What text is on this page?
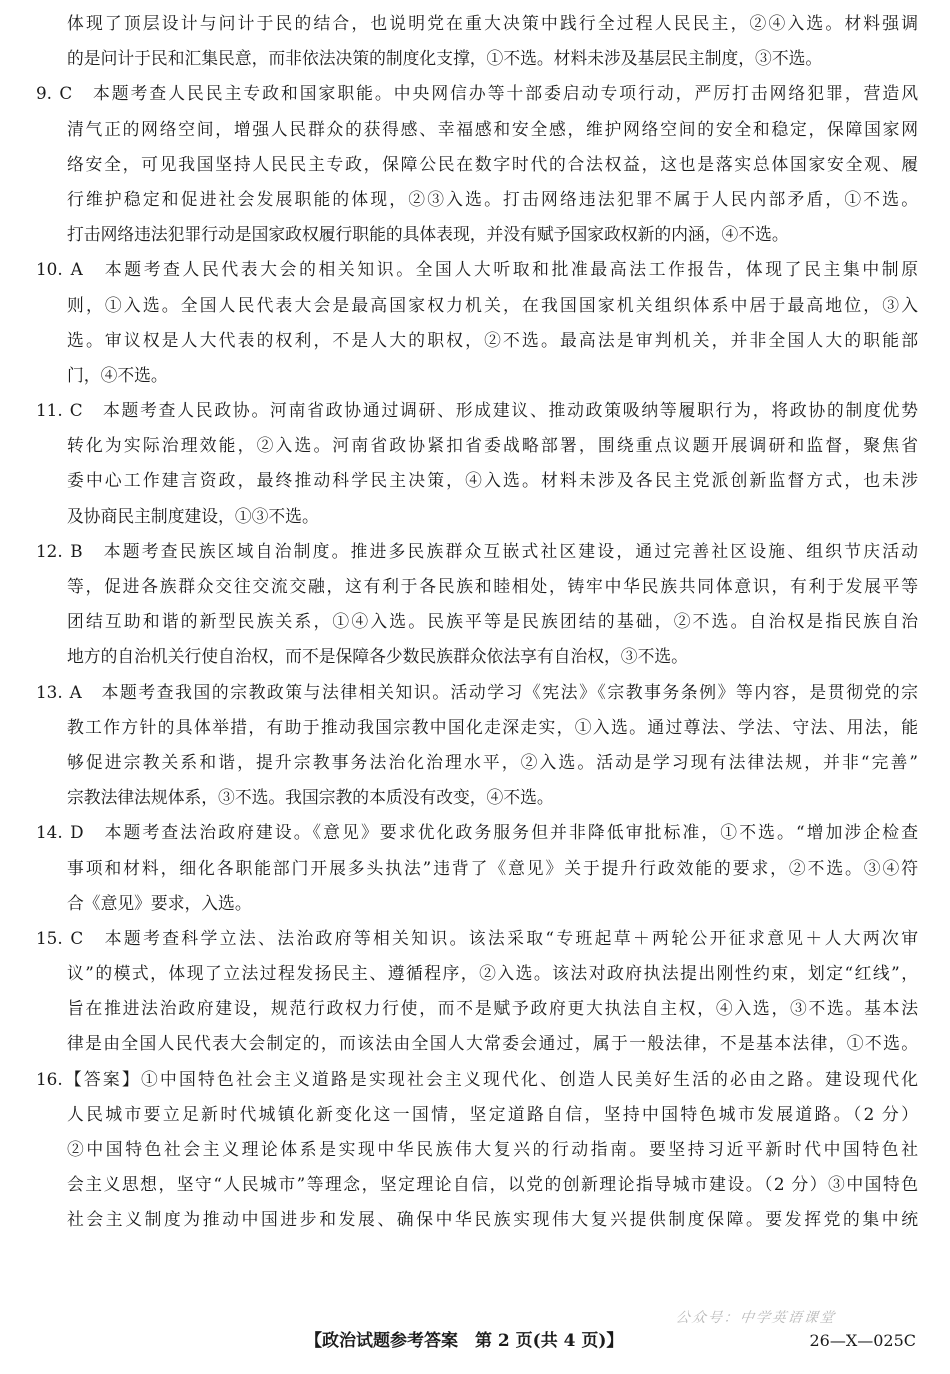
体现了顶层设计与问计于民的结合，也说明党在重大决策中践行全过程人民民主，②④入选。材料强调
的是问计于民和汇集民意，而非依法决策的制度化支撑，①不选。材料未涉及基层民主制度，③不选。
9. C　本题考查人民民主专政和国家职能。中央网信办等十部委启动专项行动，严厉打击网络犯罪，营造风
清气正的网络空间，增强人民群众的获得感、幸福感和安全感，维护网络空间的安全和稳定，保障国家网
络安全，可见我国坚持人民民主专政，保障公民在数字时代的合法权益，这也是落实总体国家安全观、履
行维护稳定和促进社会发展职能的体现，②③入选。打击网络违法犯罪不属于人民内部矛盾，①不选。
打击网络违法犯罪行动是国家政权履行职能的具体表现，并没有赋予国家政权新的内涵，④不选。
10. A　本题考查人民代表大会的相关知识。全国人大听取和批准最高法工作报告，体现了民主集中制原
则，①入选。全国人民代表大会是最高国家权力机关，在我国国家机关组织体系中居于最高地位，③入
选。审议权是人大代表的权利，不是人大的职权，②不选。最高法是审判机关，并非全国人大的职能部
门，④不选。
11. C　本题考查人民政协。河南省政协通过调研、形成建议、推动政策吸纳等履职行为，将政协的制度优势
转化为实际治理效能，②入选。河南省政协紧扣省委战略部署，围绕重点议题开展调研和监督，聚焦省
委中心工作建言资政，最终推动科学民主决策，④入选。材料未涉及各民主党派创新监督方式，也未涉
及协商民主制度建设，①③不选。
12. B　本题考查民族区域自治制度。推进多民族群众互嵌式社区建设，通过完善社区设施、组织节庆活动
等，促进各族群众交往交流交融，这有利于各民族和睦相处，铸牢中华民族共同体意识，有利于发展平等
团结互助和谐的新型民族关系，①④入选。民族平等是民族团结的基础，②不选。自治权是指民族自治
地方的自治机关行使自治权，而不是保障各少数民族群众依法享有自治权，③不选。
13. A　本题考查我国的宗教政策与法律相关知识。活动学习《宪法》《宗教事务条例》等内容，是贯彻党的宗
教工作方针的具体举措，有助于推动我国宗教中国化走深走实，①入选。通过尊法、学法、守法、用法，能
够促进宗教关系和谐，提升宗教事务法治化治理水平，②入选。活动是学习现有法律法规，并非“完善”
宗教法律法规体系，③不选。我国宗教的本质没有改变，④不选。
14. D　本题考查法治政府建设。《意见》要求优化政务服务但并非降低审批标准，①不选。“增加涉企检查
事项和材料，细化各职能部门开展多头执法”违背了《意见》关于提升行政效能的要求，②不选。③④符
合《意见》要求，入选。
15. C　本题考查科学立法、法治政府等相关知识。该法采取“专班起草＋两轮公开征求意见＋人大两次审
议”的模式，体现了立法过程发扬民主、遵循程序，②入选。该法对政府执法提出刚性约束，划定“红线”，
旨在推进法治政府建设，规范行政权力行使，而不是赋予政府更大执法自主权，④入选，③不选。基本法
律是由全国人民代表大会制定的，而该法由全国人大常委会通过，属于一般法律，不是基本法律，①不选。
16.【答案】①中国特色社会主义道路是实现社会主义现代化、创造人民美好生活的必由之路。建设现代化
人民城市要立足新时代城镇化新变化这一国情，坚定道路自信，坚持中国特色城市发展道路。（2 分）
②中国特色社会主义理论体系是实现中华民族伟大复兴的行动指南。要坚持习近平新时代中国特色社
会主义思想，坚守“人民城市”等理念，坚定理论自信，以党的创新理论指导城市建设。（2 分）③中国特色
社会主义制度为推动中国进步和发展、确保中华民族实现伟大复兴提供制度保障。要发挥党的集中统
公众号：中学英语课堂
【政治试题参考答案　第 2 页(共 4 页)】	26—X—025C
